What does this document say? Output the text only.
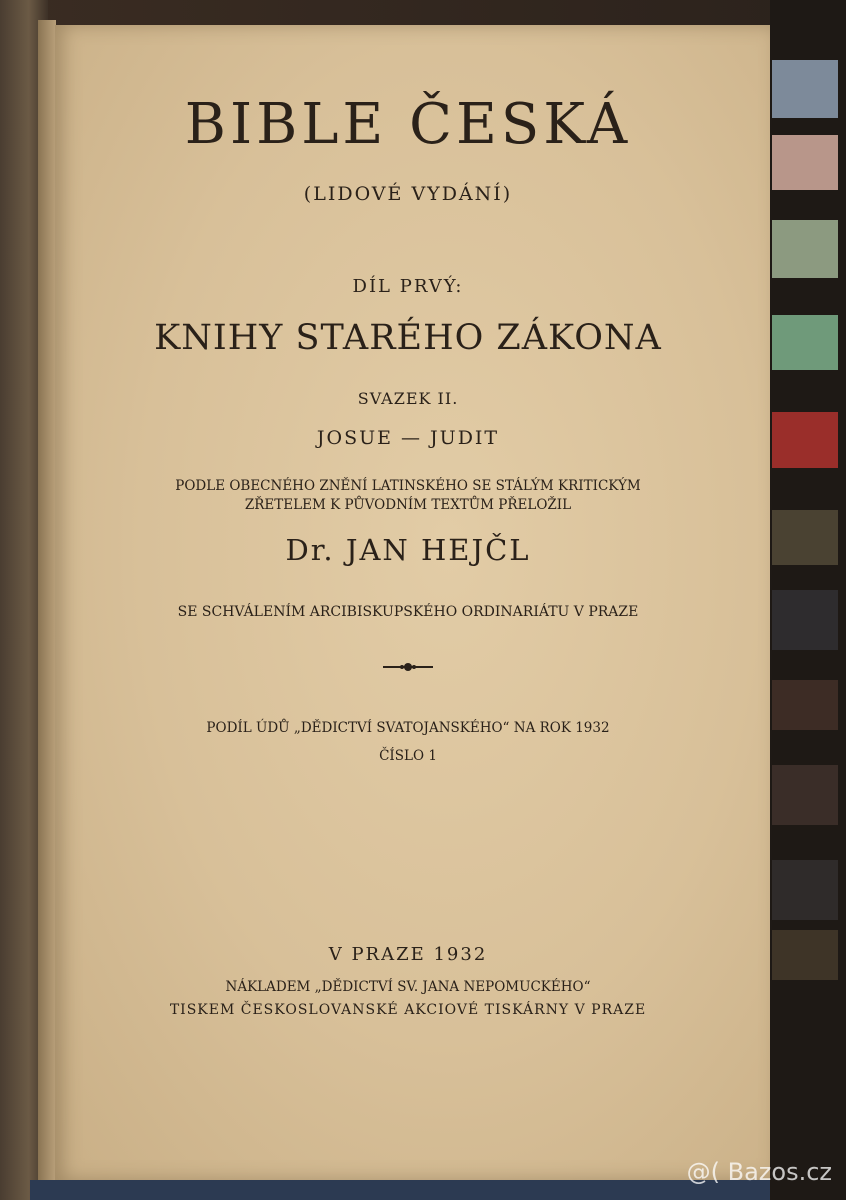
BIBLE ČESKÁ
(LIDOVÉ VYDÁNÍ)
DÍL PRVÝ:
KNIHY STARÉHO ZÁKONA
SVAZEK II.
JOSUE — JUDIT
PODLE OBECNÉHO ZNĚNÍ LATINSKÉHO SE STÁLÝM KRITICKÝM
ZŘETELEM K PŮVODNÍM TEXTŮM PŘELOŽIL
Dr. JAN HEJČL
SE SCHVÁLENÍM ARCIBISKUPSKÉHO ORDINARIÁTU V PRAZE
PODÍL ÚDŮ „DĚDICTVÍ SVATOJANSKÉHO“ NA ROK 1932
ČÍSLO 1
V PRAZE 1932
NÁKLADEM „DĚDICTVÍ SV. JANA NEPOMUCKÉHO“
TISKEM ČESKOSLOVANSKÉ AKCIOVÉ TISKÁRNY V PRAZE
@( Bazos.cz
